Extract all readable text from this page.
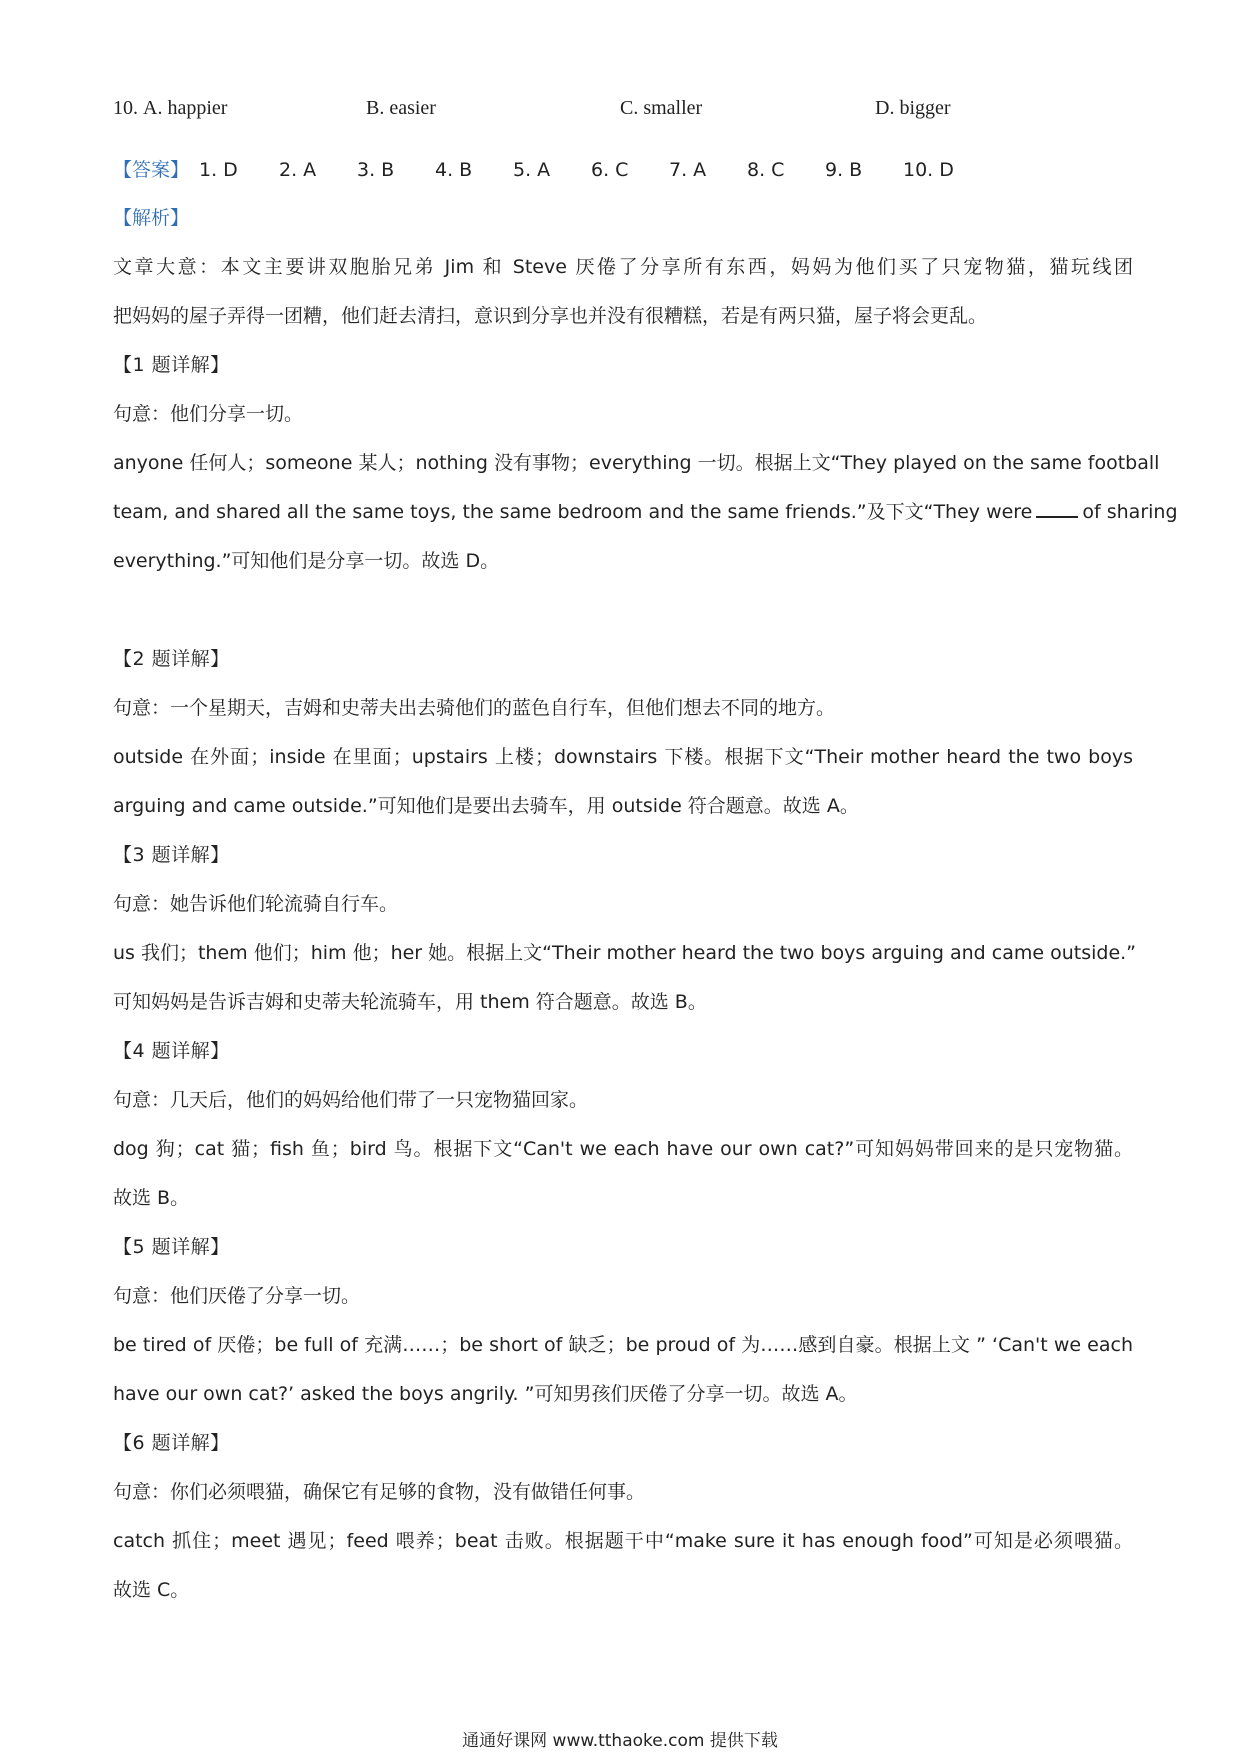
10. A. happier	B. easier	C. smaller	D. bigger
【答案】 1. D 2. A 3. B 4. B 5. A 6. C 7. A 8. C 9. B 10. D
【解析】
文章大意：本文主要讲双胞胎兄弟 Jim 和 Steve 厌倦了分享所有东西，妈妈为他们买了只宠物猫，猫玩线团
把妈妈的屋子弄得一团糟，他们赶去清扫，意识到分享也并没有很糟糕，若是有两只猫，屋子将会更乱。
【1 题详解】
句意：他们分享一切。
anyone 任何人；someone 某人；nothing 没有事物；everything 一切。根据上文“They played on the same football
team, and shared all the same toys, the same bedroom and the same friends.”及下文“They were	of sharing
everything.”可知他们是分享一切。故选 D。
【2 题详解】
句意：一个星期天，吉姆和史蒂夫出去骑他们的蓝色自行车，但他们想去不同的地方。
outside 在外面；inside 在里面；upstairs 上楼；downstairs 下楼。根据下文“Their mother heard the two boys
arguing and came outside.”可知他们是要出去骑车，用 outside 符合题意。故选 A。
【3 题详解】
句意：她告诉他们轮流骑自行车。
us 我们；them 他们；him 他；her 她。根据上文“Their mother heard the two boys arguing and came outside.”
可知妈妈是告诉吉姆和史蒂夫轮流骑车，用 them 符合题意。故选 B。
【4 题详解】
句意：几天后，他们的妈妈给他们带了一只宠物猫回家。
dog 狗；cat 猫；fish 鱼；bird 鸟。根据下文“Can't we each have our own cat?”可知妈妈带回来的是只宠物猫。
故选 B。
【5 题详解】
句意：他们厌倦了分享一切。
be tired of 厌倦；be full of 充满……；be short of 缺乏；be proud of 为……感到自豪。根据上文 ” ‘Can't we each
have our own cat?’ asked the boys angrily. ”可知男孩们厌倦了分享一切。故选 A。
【6 题详解】
句意：你们必须喂猫，确保它有足够的食物，没有做错任何事。
catch 抓住；meet 遇见；feed 喂养；beat 击败。根据题干中“make sure it has enough food”可知是必须喂猫。
故选 C。
通通好课网 www.tthaoke.com 提供下载
